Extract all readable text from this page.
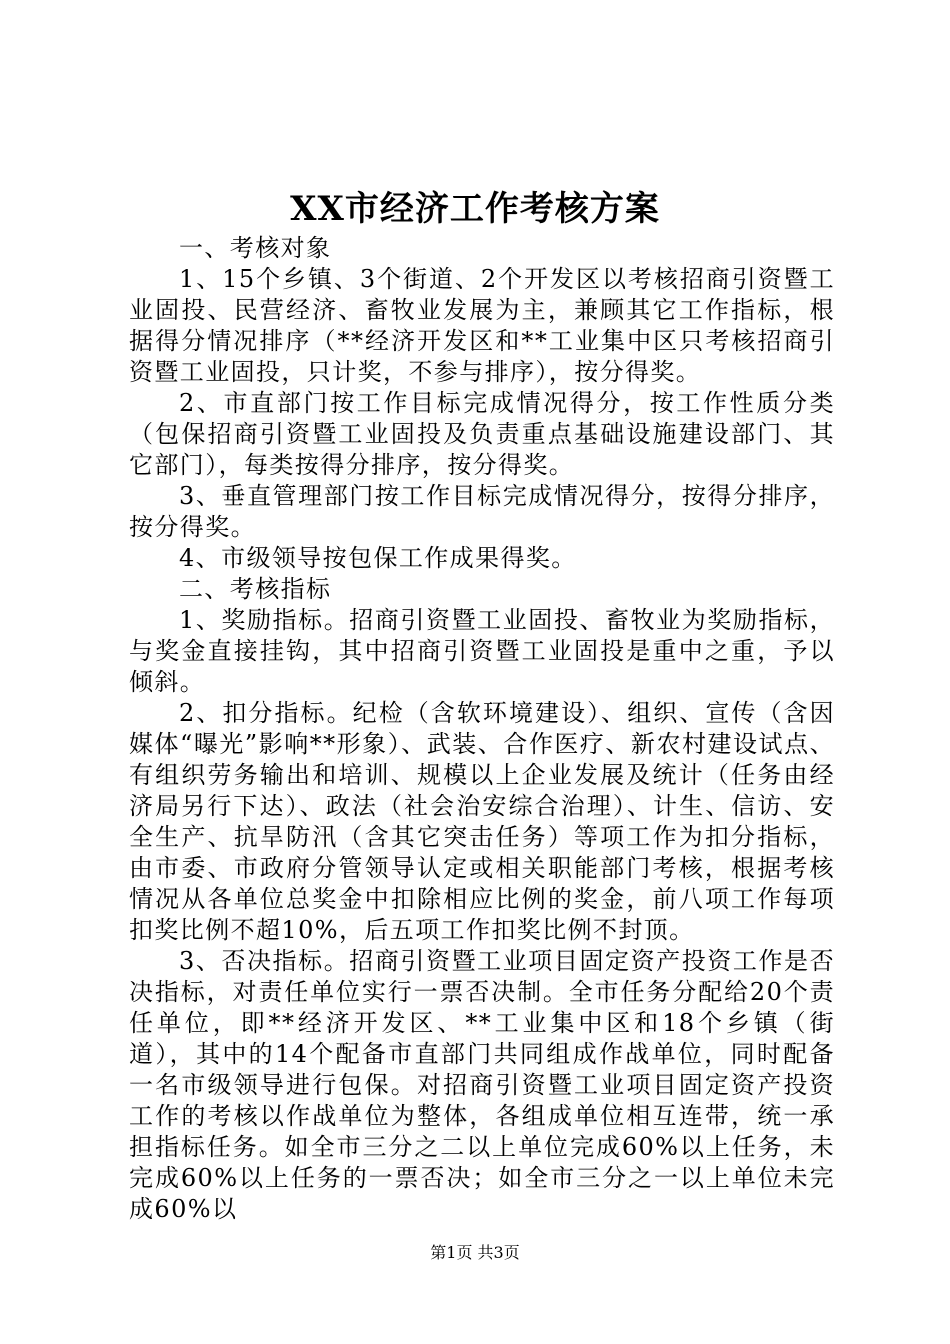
XX市经济工作考核方案

一、考核对象

1、15个乡镇、3个街道、2个开发区以考核招商引资暨工业固投、民营经济、畜牧业发展为主，兼顾其它工作指标，根据得分情况排序（**经济开发区和**工业集中区只考核招商引资暨工业固投，只计奖，不参与排序），按分得奖。

2、市直部门按工作目标完成情况得分，按工作性质分类（包保招商引资暨工业固投及负责重点基础设施建设部门、其它部门），每类按得分排序，按分得奖。

3、垂直管理部门按工作目标完成情况得分，按得分排序，按分得奖。

4、市级领导按包保工作成果得奖。

二、考核指标

1、奖励指标。招商引资暨工业固投、畜牧业为奖励指标，与奖金直接挂钩，其中招商引资暨工业固投是重中之重，予以倾斜。

2、扣分指标。纪检（含软环境建设）、组织、宣传（含因媒体“曝光”影响**形象）、武装、合作医疗、新农村建设试点、有组织劳务输出和培训、规模以上企业发展及统计（任务由经济局另行下达）、政法（社会治安综合治理）、计生、信访、安全生产、抗旱防汛（含其它突击任务）等项工作为扣分指标，由市委、市政府分管领导认定或相关职能部门考核，根据考核情况从各单位总奖金中扣除相应比例的奖金，前八项工作每项扣奖比例不超10%，后五项工作扣奖比例不封顶。

3、否决指标。招商引资暨工业项目固定资产投资工作是否决指标，对责任单位实行一票否决制。全市任务分配给20个责任单位，即**经济开发区、**工业集中区和18个乡镇（街道），其中的14个配备市直部门共同组成作战单位，同时配备一名市级领导进行包保。对招商引资暨工业项目固定资产投资工作的考核以作战单位为整体，各组成单位相互连带，统一承担指标任务。如全市三分之二以上单位完成60%以上任务，未完成60%以上任务的一票否决；如全市三分之一以上单位未完成60%以

第1页 共3页
